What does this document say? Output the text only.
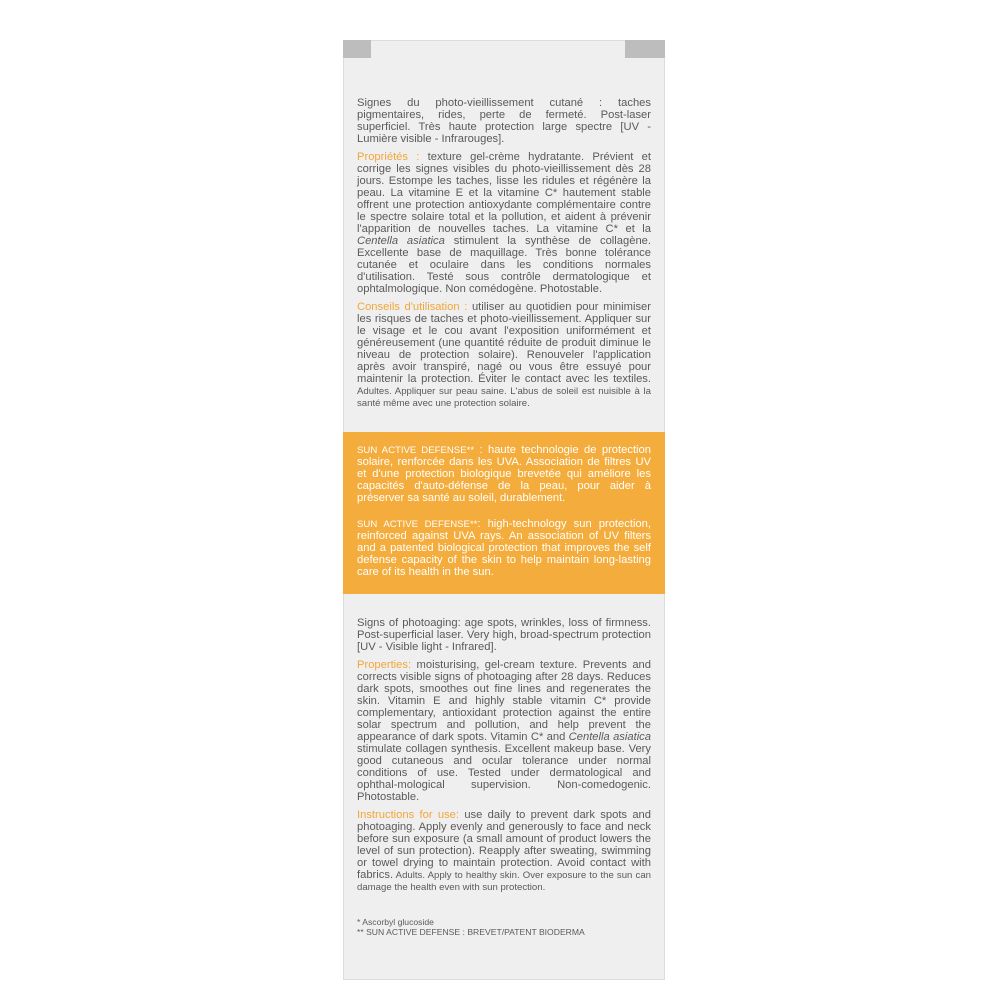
Signes du photo-vieillissement cutané : taches pigmentaires, rides, perte de fermeté. Post-laser superficiel. Très haute protection large spectre [UV - Lumière visible - Infrarouges].

Propriétés : texture gel-crème hydratante. Prévient et corrige les signes visibles du photo-vieillissement dès 28 jours. Estompe les taches, lisse les ridules et régénère la peau. La vitamine E et la vitamine C* hautement stable offrent une protection antioxydante complémentaire contre le spectre solaire total et la pollution, et aident à prévenir l'apparition de nouvelles taches. La vitamine C* et la Centella asiatica stimulent la synthèse de collagène. Excellente base de maquillage. Très bonne tolérance cutanée et oculaire dans les conditions normales d'utilisation. Testé sous contrôle dermatologique et ophtalmologique. Non comédogène. Photostable.

Conseils d'utilisation : utiliser au quotidien pour minimiser les risques de taches et photo-vieillissement. Appliquer sur le visage et le cou avant l'exposition uniformément et généreusement (une quantité réduite de produit diminue le niveau de protection solaire). Renouveler l'application après avoir transpiré, nagé ou vous être essuyé pour maintenir la protection. Éviter le contact avec les textiles. Adultes. Appliquer sur peau saine. L'abus de soleil est nuisible à la santé même avec une protection solaire.

SUN ACTIVE DEFENSE** : haute technologie de protection solaire, renforcée dans les UVA. Association de filtres UV et d'une protection biologique brevetée qui améliore les capacités d'auto-défense de la peau, pour aider à préserver sa santé au soleil, durablement.

SUN ACTIVE DEFENSE**: high-technology sun protection, reinforced against UVA rays. An association of UV filters and a patented biological protection that improves the self defense capacity of the skin to help maintain long-lasting care of its health in the sun.

Signs of photoaging: age spots, wrinkles, loss of firmness. Post-superficial laser. Very high, broad-spectrum protection [UV - Visible light - Infrared].

Properties: moisturising, gel-cream texture. Prevents and corrects visible signs of photoaging after 28 days. Reduces dark spots, smoothes out fine lines and regenerates the skin. Vitamin E and highly stable vitamin C* provide complementary, antioxidant protection against the entire solar spectrum and pollution, and help prevent the appearance of dark spots. Vitamin C* and Centella asiatica stimulate collagen synthesis. Excellent makeup base. Very good cutaneous and ocular tolerance under normal conditions of use. Tested under dermatological and ophthal-mological supervision. Non-comedogenic. Photostable.

Instructions for use: use daily to prevent dark spots and photoaging. Apply evenly and generously to face and neck before sun exposure (a small amount of product lowers the level of sun protection). Reapply after sweating, swimming or towel drying to maintain protection. Avoid contact with fabrics. Adults. Apply to healthy skin. Over exposure to the sun can damage the health even with sun protection.

* Ascorbyl glucoside
** SUN ACTIVE DEFENSE : BREVET/PATENT BIODERMA
